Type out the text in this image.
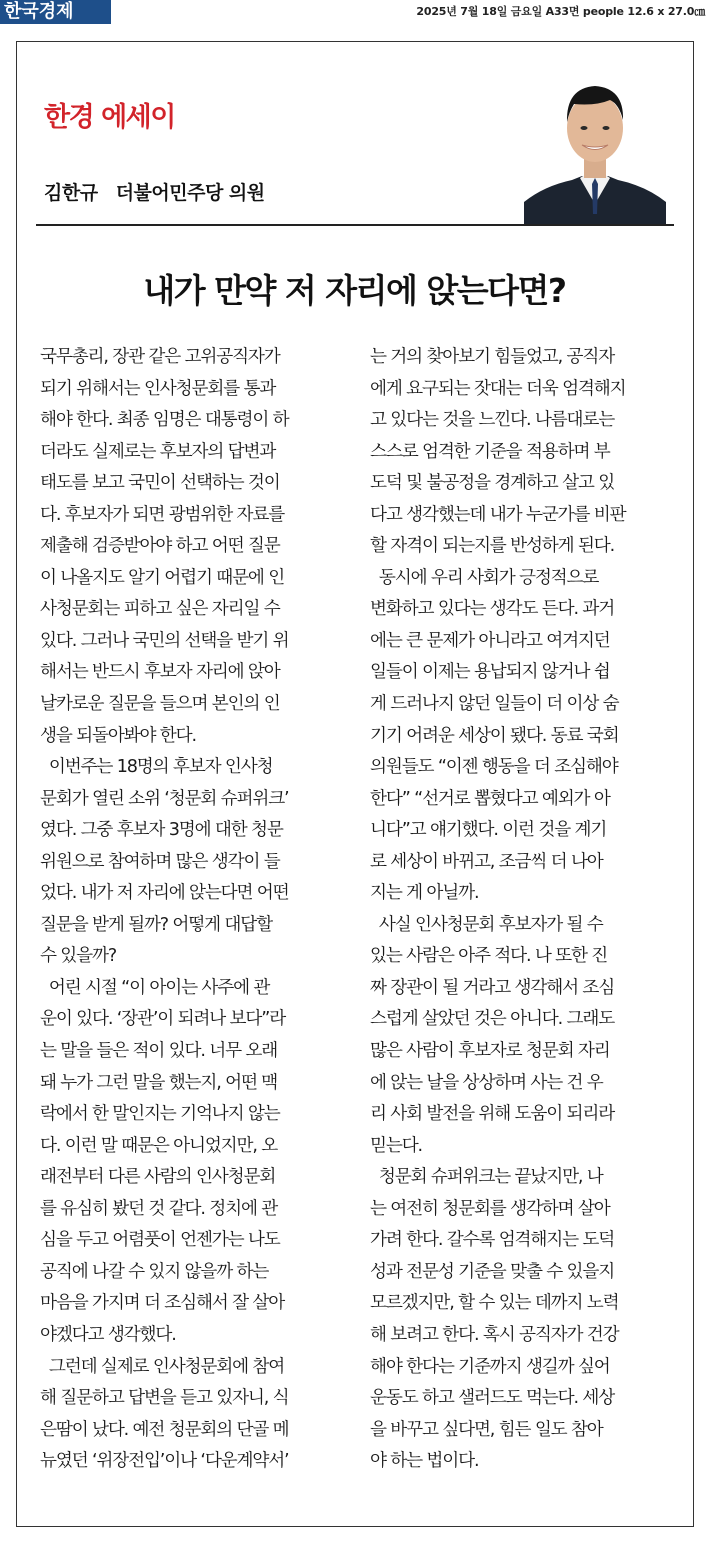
한국경제	2025년 7월 18일 금요일 A33면 people 12.6 x 27.0㎝
한경 에세이
김한규 더불어민주당 의원
내가 만약 저 자리에 앉는다면?
국무총리, 장관 같은 고위공직자가
되기 위해서는 인사청문회를 통과
해야 한다. 최종 임명은 대통령이 하
더라도 실제로는 후보자의 답변과
태도를 보고 국민이 선택하는 것이
다. 후보자가 되면 광범위한 자료를
제출해 검증받아야 하고 어떤 질문
이 나올지도 알기 어렵기 때문에 인
사청문회는 피하고 싶은 자리일 수
있다. 그러나 국민의 선택을 받기 위
해서는 반드시 후보자 자리에 앉아
날카로운 질문을 들으며 본인의 인
생을 되돌아봐야 한다.
이번주는 18명의 후보자 인사청
문회가 열린 소위 ‘청문회 슈퍼위크’
였다. 그중 후보자 3명에 대한 청문
위원으로 참여하며 많은 생각이 들
었다. 내가 저 자리에 앉는다면 어떤
질문을 받게 될까? 어떻게 대답할
수 있을까?
어린 시절 “이 아이는 사주에 관
운이 있다. ‘장관’이 되려나 보다”라
는 말을 들은 적이 있다. 너무 오래
돼 누가 그런 말을 했는지, 어떤 맥
락에서 한 말인지는 기억나지 않는
다. 이런 말 때문은 아니었지만, 오
래전부터 다른 사람의 인사청문회
를 유심히 봤던 것 같다. 정치에 관
심을 두고 어렴풋이 언젠가는 나도
공직에 나갈 수 있지 않을까 하는
마음을 가지며 더 조심해서 잘 살아
야겠다고 생각했다.
그런데 실제로 인사청문회에 참여
해 질문하고 답변을 듣고 있자니, 식
은땀이 났다. 예전 청문회의 단골 메
뉴였던 ‘위장전입’이나 ‘다운계약서’
는 거의 찾아보기 힘들었고, 공직자
에게 요구되는 잣대는 더욱 엄격해지
고 있다는 것을 느낀다. 나름대로는
스스로 엄격한 기준을 적용하며 부
도덕 및 불공정을 경계하고 살고 있
다고 생각했는데 내가 누군가를 비판
할 자격이 되는지를 반성하게 된다.
동시에 우리 사회가 긍정적으로
변화하고 있다는 생각도 든다. 과거
에는 큰 문제가 아니라고 여겨지던
일들이 이제는 용납되지 않거나 쉽
게 드러나지 않던 일들이 더 이상 숨
기기 어려운 세상이 됐다. 동료 국회
의원들도 “이젠 행동을 더 조심해야
한다” “선거로 뽑혔다고 예외가 아
니다”고 얘기했다. 이런 것을 계기
로 세상이 바뀌고, 조금씩 더 나아
지는 게 아닐까.
사실 인사청문회 후보자가 될 수
있는 사람은 아주 적다. 나 또한 진
짜 장관이 될 거라고 생각해서 조심
스럽게 살았던 것은 아니다. 그래도
많은 사람이 후보자로 청문회 자리
에 앉는 날을 상상하며 사는 건 우
리 사회 발전을 위해 도움이 되리라
믿는다.
청문회 슈퍼위크는 끝났지만, 나
는 여전히 청문회를 생각하며 살아
가려 한다. 갈수록 엄격해지는 도덕
성과 전문성 기준을 맞출 수 있을지
모르겠지만, 할 수 있는 데까지 노력
해 보려고 한다. 혹시 공직자가 건강
해야 한다는 기준까지 생길까 싶어
운동도 하고 샐러드도 먹는다. 세상
을 바꾸고 싶다면, 힘든 일도 참아
야 하는 법이다.
